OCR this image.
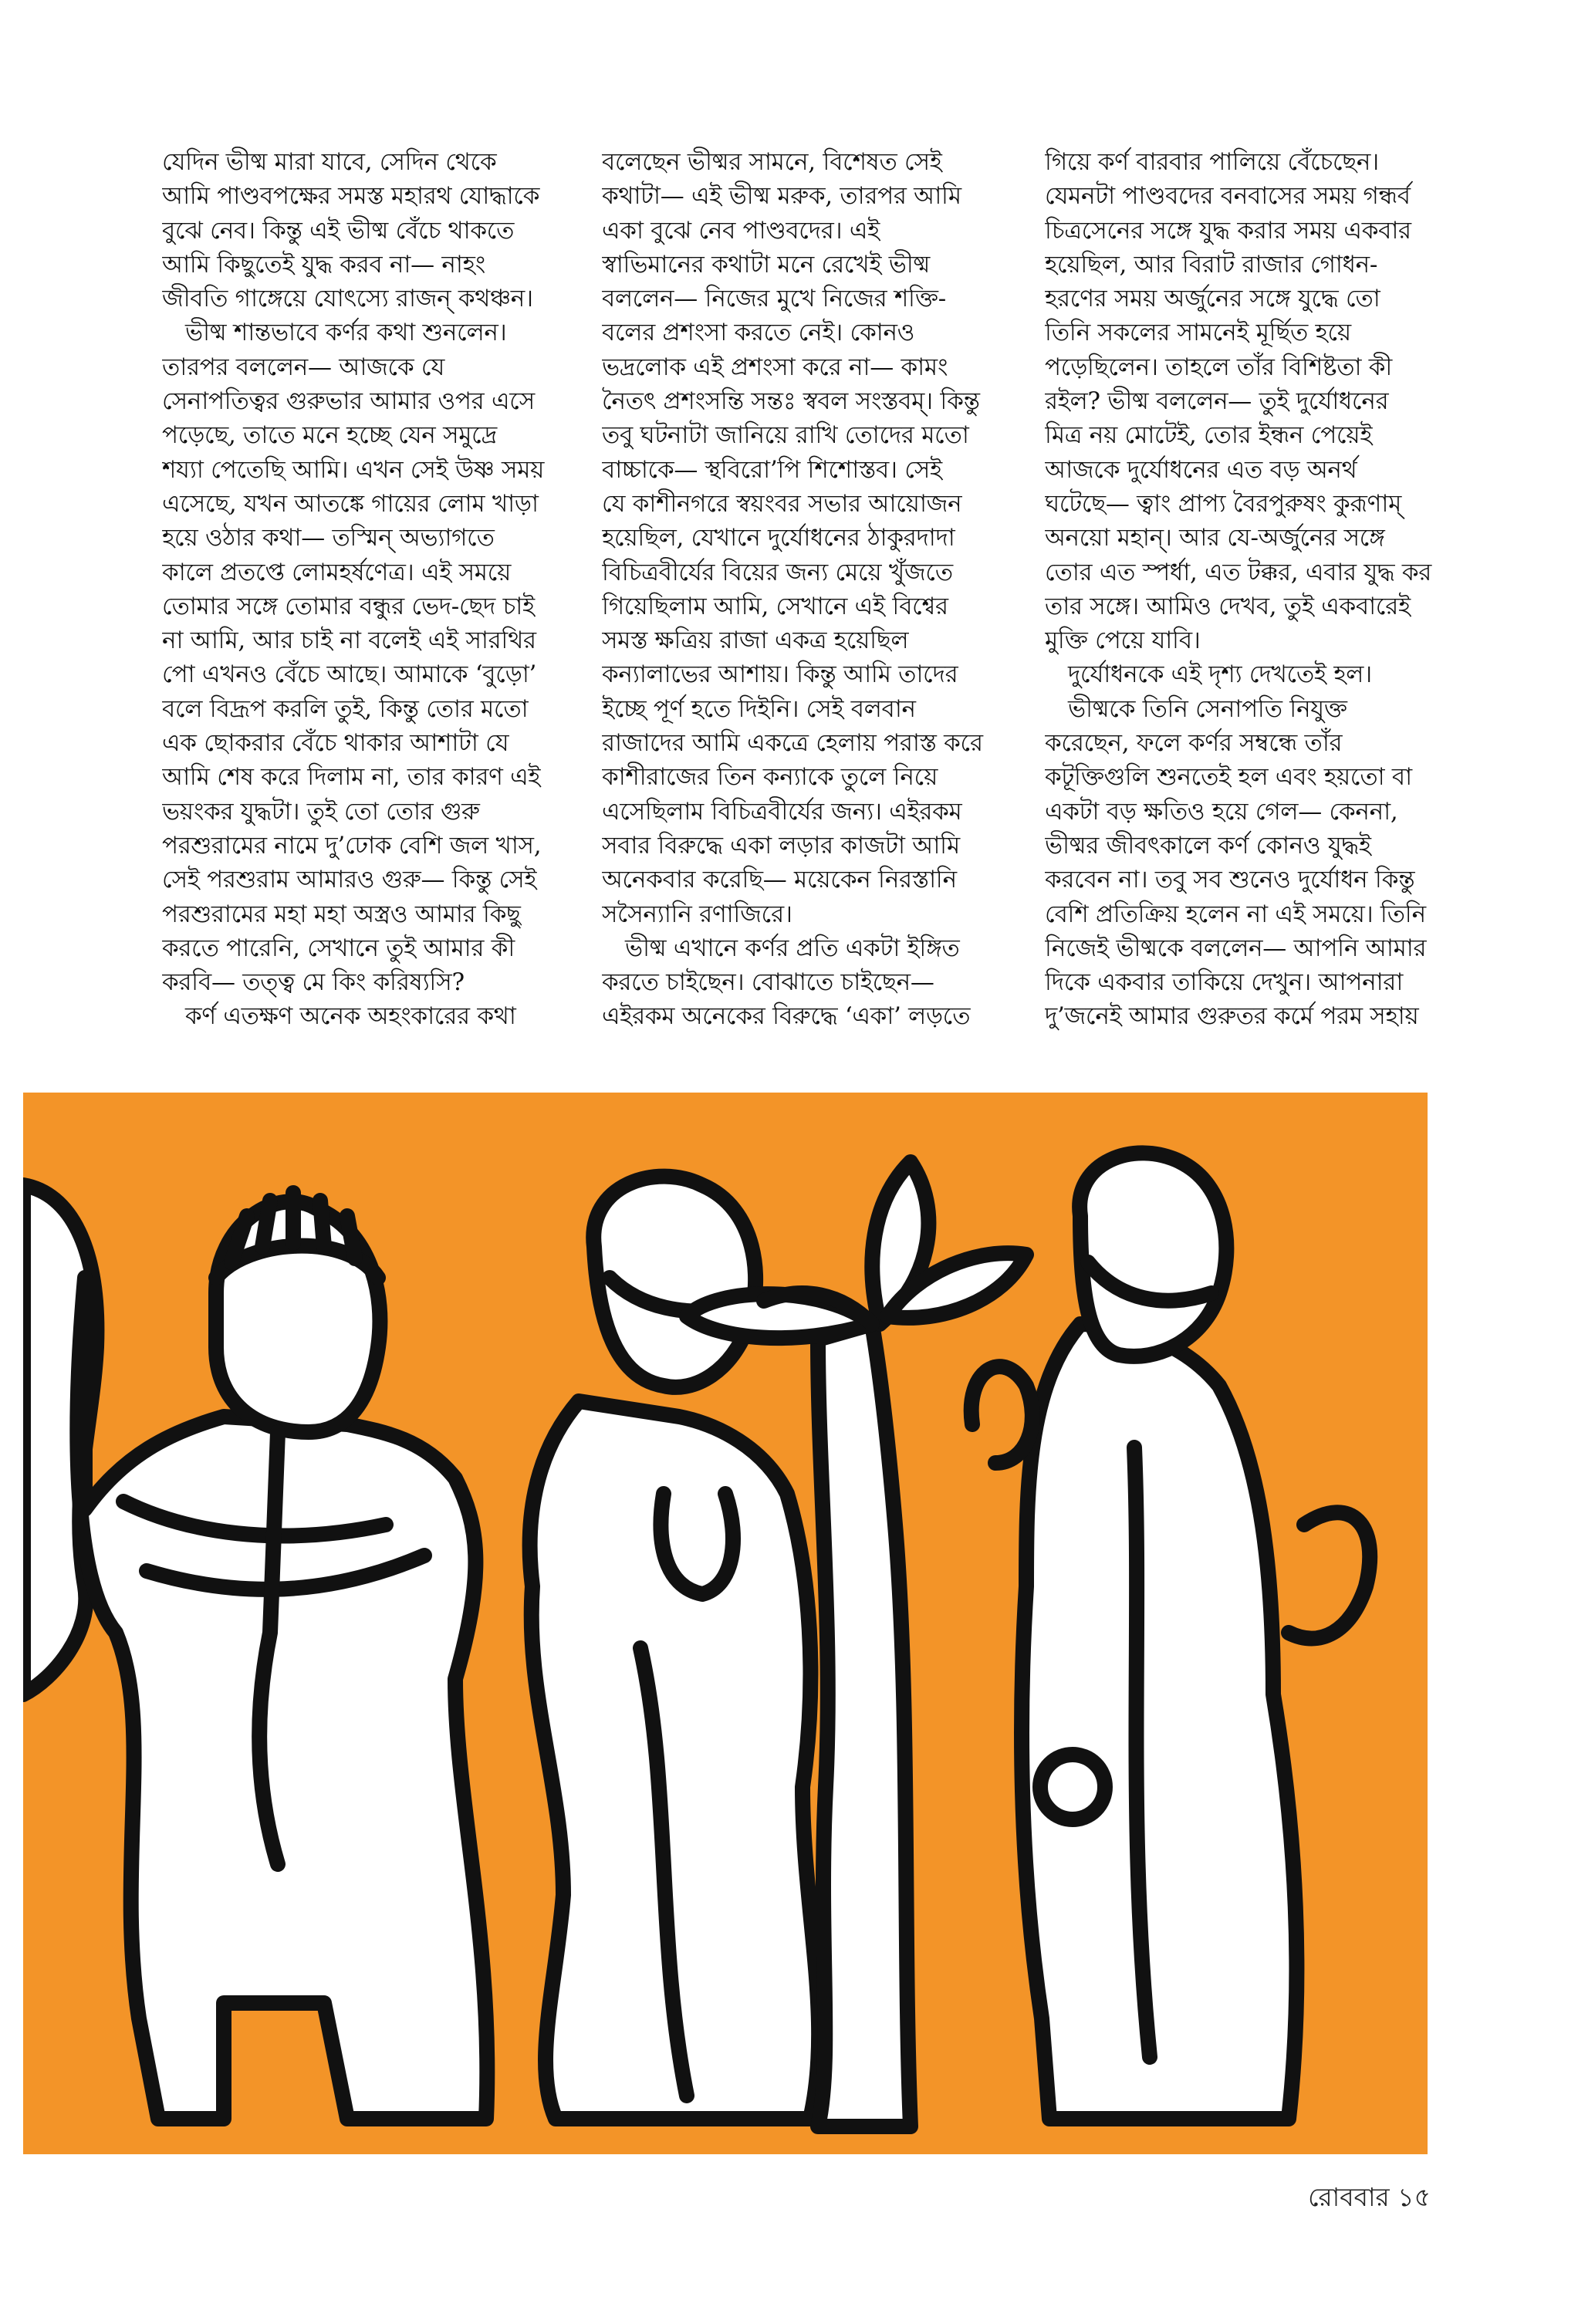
যেদিন ভীষ্ম মারা যাবে, সেদিন থেকে
আমি পাণ্ডবপক্ষের সমস্ত মহারথ যোদ্ধাকে
বুঝে নেব। কিন্তু এই ভীষ্ম বেঁচে থাকতে
আমি কিছুতেই যুদ্ধ করব না— নাহং
জীবতি গাঙ্গেয়ে যোৎস্যে রাজন্ কথঞ্চন।
ভীষ্ম শান্তভাবে কর্ণর কথা শুনলেন।
তারপর বললেন— আজকে যে
সেনাপতিত্বর গুরুভার আমার ওপর এসে
পড়েছে, তাতে মনে হচ্ছে যেন সমুদ্রে
শয্যা পেতেছি আমি। এখন সেই উষ্ণ সময়
এসেছে, যখন আতঙ্কে গায়ের লোম খাড়া
হয়ে ওঠার কথা— তস্মিন্ অভ্যাগতে
কালে প্রতপ্তে লোমহর্ষণেত্র। এই সময়ে
তোমার সঙ্গে তোমার বন্ধুর ভেদ-ছেদ চাই
না আমি, আর চাই না বলেই এই সারথির
পো এখনও বেঁচে আছে। আমাকে ‘বুড়ো’
বলে বিদ্রূপ করলি তুই, কিন্তু তোর মতো
এক ছোকরার বেঁচে থাকার আশাটা যে
আমি শেষ করে দিলাম না, তার কারণ এই
ভয়ংকর যুদ্ধটা। তুই তো তোর গুরু
পরশুরামের নামে দু’ঢোক বেশি জল খাস,
সেই পরশুরাম আমারও গুরু— কিন্তু সেই
পরশুরামের মহা মহা অস্ত্রও আমার কিছু
করতে পারেনি, সেখানে তুই আমার কী
করবি— তত্ত্ব মে কিং করিষ্যসি?
কর্ণ এতক্ষণ অনেক অহংকারের কথা
বলেছেন ভীষ্মর সামনে, বিশেষত সেই
কথাটা— এই ভীষ্ম মরুক, তারপর আমি
একা বুঝে নেব পাণ্ডবদের। এই
স্বাভিমানের কথাটা মনে রেখেই ভীষ্ম
বললেন— নিজের মুখে নিজের শক্তি-
বলের প্রশংসা করতে নেই। কোনও
ভদ্রলোক এই প্রশংসা করে না— কামং
নৈতৎ প্রশংসন্তি সন্তঃ স্ববল সংস্তবম্। কিন্তু
তবু ঘটনাটা জানিয়ে রাখি তোদের মতো
বাচ্চাকে— স্থবিরো’পি শিশোস্তব। সেই
যে কাশীনগরে স্বয়ংবর সভার আয়োজন
হয়েছিল, যেখানে দুর্যোধনের ঠাকুরদাদা
বিচিত্রবীর্যের বিয়ের জন্য মেয়ে খুঁজতে
গিয়েছিলাম আমি, সেখানে এই বিশ্বের
সমস্ত ক্ষত্রিয় রাজা একত্র হয়েছিল
কন্যালাভের আশায়। কিন্তু আমি তাদের
ইচ্ছে পূর্ণ হতে দিইনি। সেই বলবান
রাজাদের আমি একত্রে হেলায় পরাস্ত করে
কাশীরাজের তিন কন্যাকে তুলে নিয়ে
এসেছিলাম বিচিত্রবীর্যের জন্য। এইরকম
সবার বিরুদ্ধে একা লড়ার কাজটা আমি
অনেকবার করেছি— ময়েকেন নিরস্তানি
সসৈন্যানি রণাজিরে।
ভীষ্ম এখানে কর্ণর প্রতি একটা ইঙ্গিত
করতে চাইছেন। বোঝাতে চাইছেন—
এইরকম অনেকের বিরুদ্ধে ‘একা’ লড়তে
গিয়ে কর্ণ বারবার পালিয়ে বেঁচেছেন।
যেমনটা পাণ্ডবদের বনবাসের সময় গন্ধর্ব
চিত্রসেনের সঙ্গে যুদ্ধ করার সময় একবার
হয়েছিল, আর বিরাট রাজার গোধন-
হরণের সময় অর্জুনের সঙ্গে যুদ্ধে তো
তিনি সকলের সামনেই মূর্ছিত হয়ে
পড়েছিলেন। তাহলে তাঁর বিশিষ্টতা কী
রইল? ভীষ্ম বললেন— তুই দুর্যোধনের
মিত্র নয় মোটেই, তোর ইন্ধন পেয়েই
আজকে দুর্যোধনের এত বড় অনর্থ
ঘটেছে— ত্বাং প্রাপ্য বৈরপুরুষং কুরূণাম্
অনয়ো মহান্। আর যে-অর্জুনের সঙ্গে
তোর এত স্পর্ধা, এত টক্কর, এবার যুদ্ধ কর
তার সঙ্গে। আমিও দেখব, তুই একবারেই
মুক্তি পেয়ে যাবি।
দুর্যোধনকে এই দৃশ্য দেখতেই হল।
ভীষ্মকে তিনি সেনাপতি নিযুক্ত
করেছেন, ফলে কর্ণর সম্বন্ধে তাঁর
কটূক্তিগুলি শুনতেই হল এবং হয়তো বা
একটা বড় ক্ষতিও হয়ে গেল— কেননা,
ভীষ্মর জীবৎকালে কর্ণ কোনও যুদ্ধই
করবেন না। তবু সব শুনেও দুর্যোধন কিন্তু
বেশি প্রতিক্রিয় হলেন না এই সময়ে। তিনি
নিজেই ভীষ্মকে বললেন— আপনি আমার
দিকে একবার তাকিয়ে দেখুন। আপনারা
দু’জনেই আমার গুরুতর কর্মে পরম সহায়
রোববার ১৫
